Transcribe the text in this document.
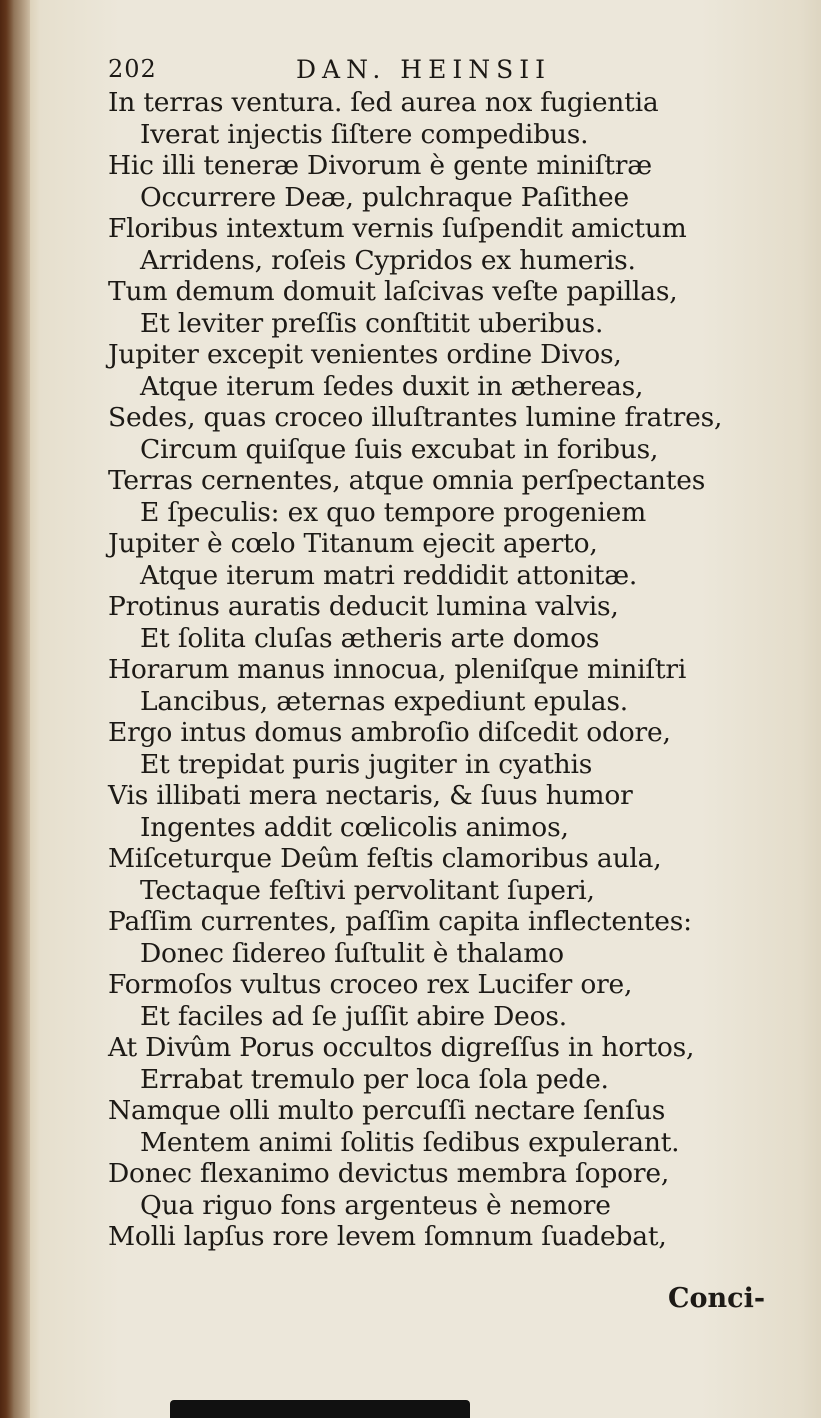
202	DAN. HEINSII
In terras ventura. ſed aurea nox fugientia
Iverat injectis ſiſtere compedibus.
Hic illi teneræ Divorum è gente miniſtræ
Occurrere Deæ, pulchraque Paſithee
Floribus intextum vernis ſuſpendit amictum
Arridens, roſeis Cypridos ex humeris.
Tum demum domuit laſcivas veſte papillas,
Et leviter preſſis conſtitit uberibus.
Jupiter excepit venientes ordine Divos,
Atque iterum ſedes duxit in æthereas,
Sedes, quas croceo illuſtrantes lumine fratres,
Circum quiſque ſuis excubat in foribus,
Terras cernentes, atque omnia perſpectantes
E ſpeculis: ex quo tempore progeniem
Jupiter è cœlo Titanum ejecit aperto,
Atque iterum matri reddidit attonitæ.
Protinus auratis deducit lumina valvis,
Et ſolita cluſas ætheris arte domos
Horarum manus innocua, pleniſque miniſtri
Lancibus, æternas expediunt epulas.
Ergo intus domus ambroſio diſcedit odore,
Et trepidat puris jugiter in cyathis
Vis illibati mera nectaris, & ſuus humor
Ingentes addit cœlicolis animos,
Miſceturque Deûm feſtis clamoribus aula,
Tectaque feſtivi pervolitant ſuperi,
Paſſim currentes, paſſim capita inflectentes:
Donec ſidereo ſuſtulit è thalamo
Formoſos vultus croceo rex Lucifer ore,
Et faciles ad ſe juſſit abire Deos.
At Divûm Porus occultos digreſſus in hortos,
Errabat tremulo per loca ſola pede.
Namque olli multo percuſſi nectare ſenſus
Mentem animi ſolitis ſedibus expulerant.
Donec flexanimo devictus membra ſopore,
Qua riguo fons argenteus è nemore
Molli lapſus rore levem ſomnum ſuadebat,
Conci-
